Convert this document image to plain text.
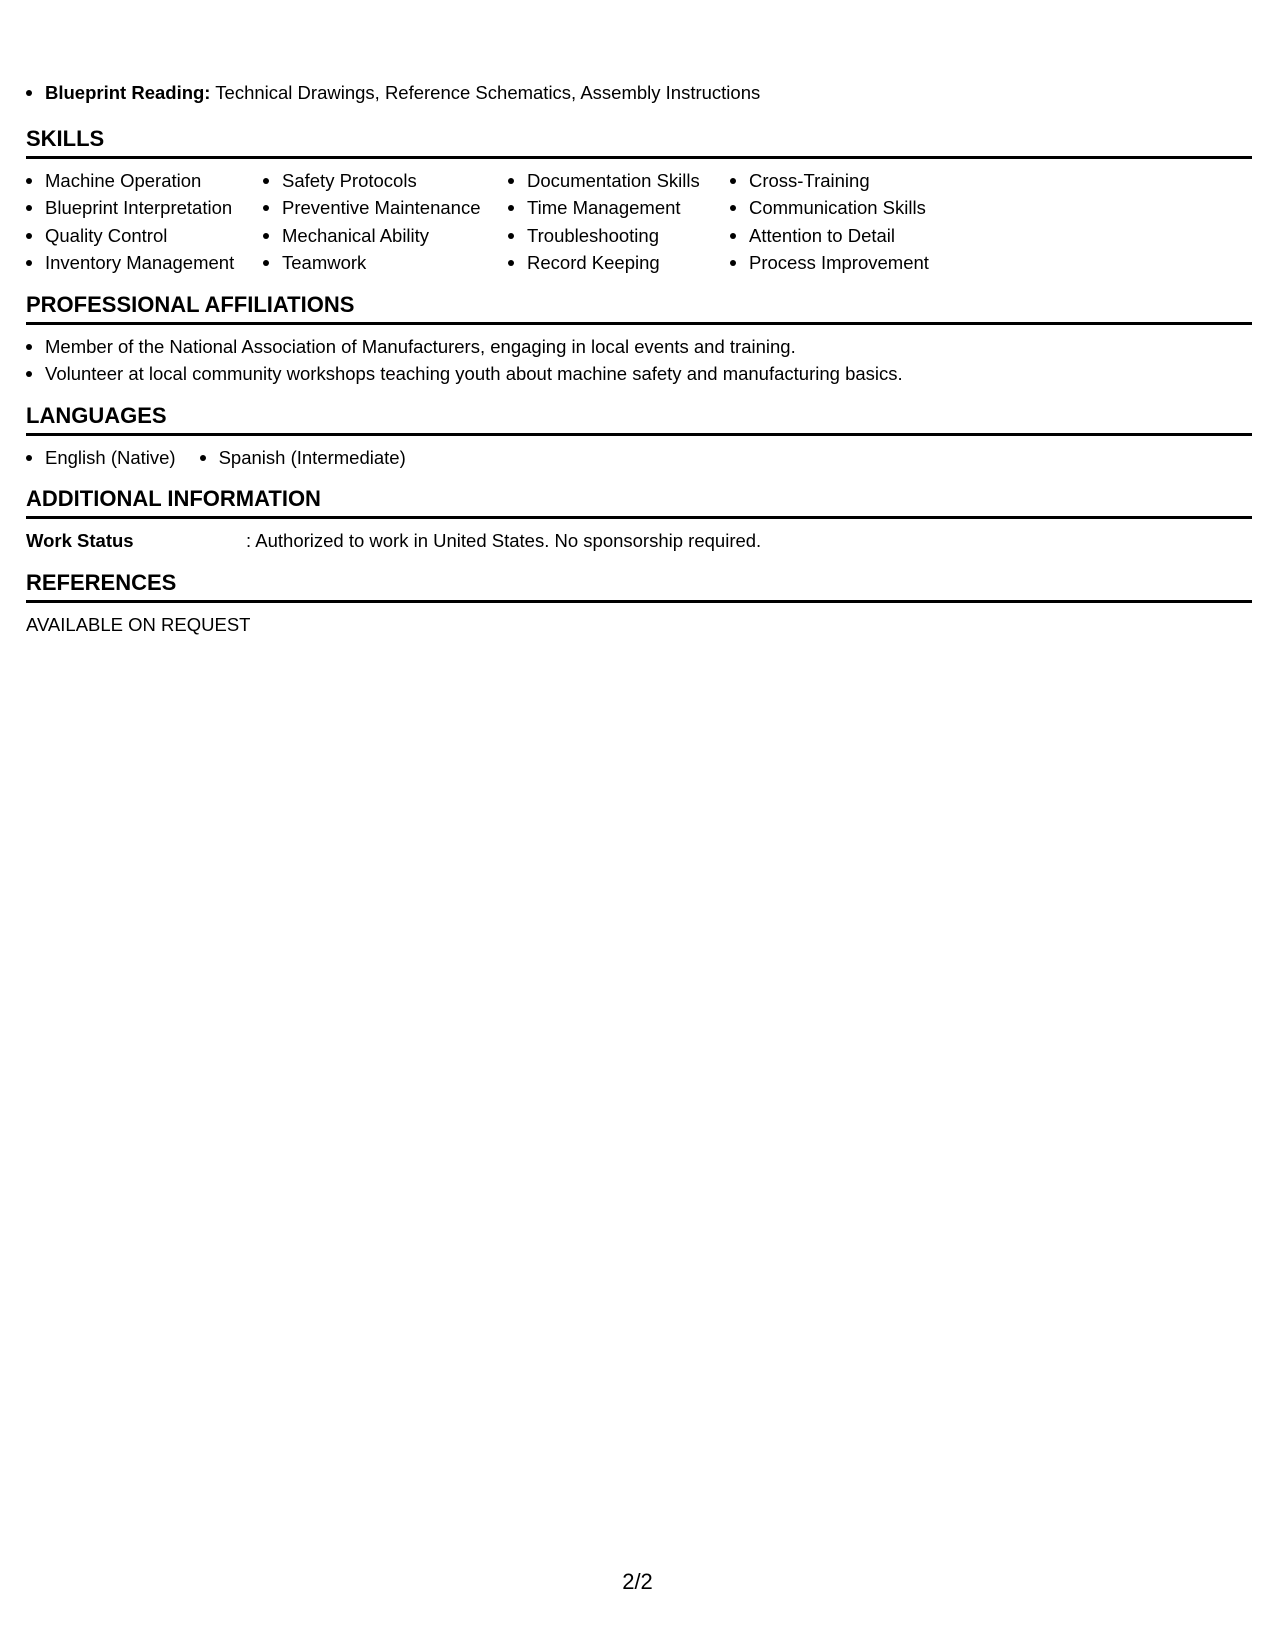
Blueprint Reading: Technical Drawings, Reference Schematics, Assembly Instructions
SKILLS
Machine Operation
Blueprint Interpretation
Quality Control
Inventory Management
Safety Protocols
Preventive Maintenance
Mechanical Ability
Teamwork
Documentation Skills
Time Management
Troubleshooting
Record Keeping
Cross-Training
Communication Skills
Attention to Detail
Process Improvement
PROFESSIONAL AFFILIATIONS
Member of the National Association of Manufacturers, engaging in local events and training.
Volunteer at local community workshops teaching youth about machine safety and manufacturing basics.
LANGUAGES
English (Native)	Spanish (Intermediate)
ADDITIONAL INFORMATION
Work Status	: Authorized to work in United States. No sponsorship required.
REFERENCES
AVAILABLE ON REQUEST
2/2
